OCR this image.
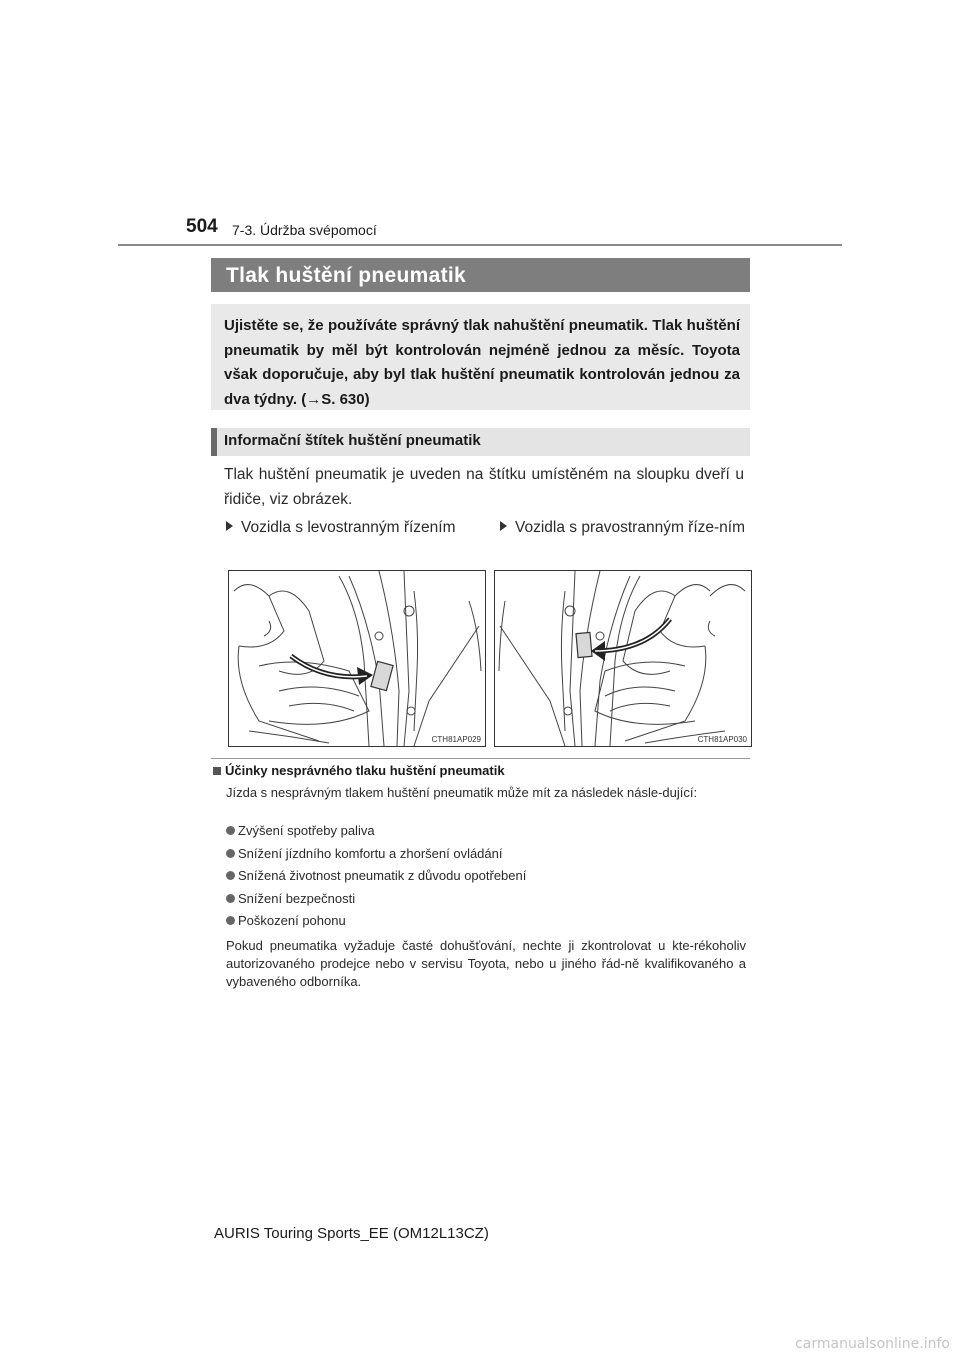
504 7-3. Údržba svépomocí
Tlak huštění pneumatik

Ujistěte se, že používáte správný tlak nahuštění pneumatik. Tlak huštění pneumatik by měl být kontrolován nejméně jednou za měsíc. Toyota však doporučuje, aby byl tlak huštění pneumatik kontrolován jednou za dva týdny. (→S. 630)

Informační štítek huštění pneumatik

Tlak huštění pneumatik je uveden na štítku umístěném na sloupku dveří u řidiče, viz obrázek.

Vozidla s levostranným řízením	Vozidla s pravostranným říze-ním
CTH81AP029	CTH81AP030
Účinky nesprávného tlaku huštění pneumatik

Jízda s nesprávným tlakem huštění pneumatik může mít za následek násle-dující:

Zvýšení spotřeby paliva
Snížení jízdního komfortu a zhoršení ovládání
Snížená životnost pneumatik z důvodu opotřebení
Snížení bezpečnosti
Poškození pohonu

Pokud pneumatika vyžaduje časté dohušťování, nechte ji zkontrolovat u kte-rékoholiv autorizovaného prodejce nebo v servisu Toyota, nebo u jiného řád-ně kvalifikovaného a vybaveného odborníka.

AURIS Touring Sports_EE (OM12L13CZ)
carmanualsonline.info
